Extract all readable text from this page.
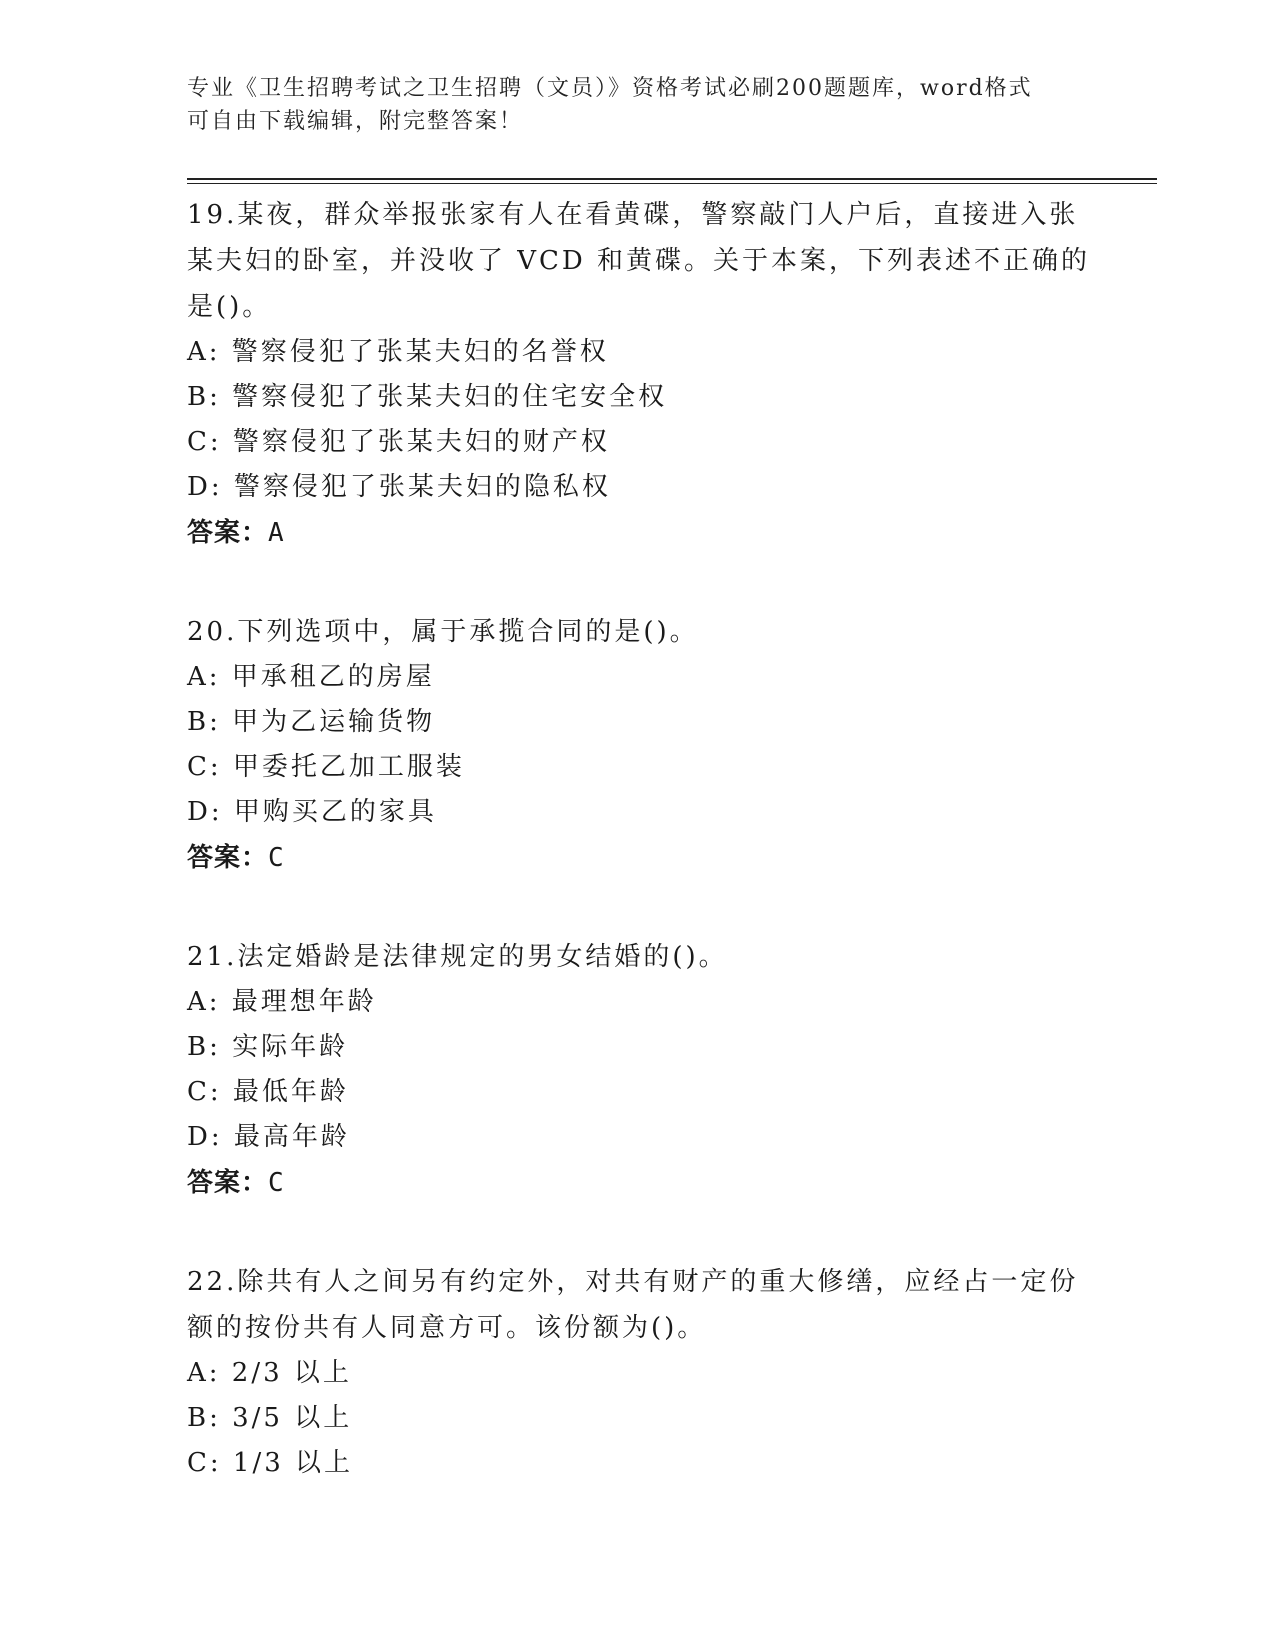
专业《卫生招聘考试之卫生招聘（文员）》资格考试必刷200题题库，word格式
可自由下载编辑，附完整答案！
19.某夜，群众举报张家有人在看黄碟，警察敲门人户后，直接进入张
某夫妇的卧室，并没收了 VCD 和黄碟。关于本案，下列表述不正确的
是()。
A: 警察侵犯了张某夫妇的名誉权
B: 警察侵犯了张某夫妇的住宅安全权
C: 警察侵犯了张某夫妇的财产权
D: 警察侵犯了张某夫妇的隐私权
答案：A
20.下列选项中，属于承揽合同的是()。
A: 甲承租乙的房屋
B: 甲为乙运输货物
C: 甲委托乙加工服装
D: 甲购买乙的家具
答案：C
21.法定婚龄是法律规定的男女结婚的()。
A: 最理想年龄
B: 实际年龄
C: 最低年龄
D: 最高年龄
答案：C
22.除共有人之间另有约定外，对共有财产的重大修缮，应经占一定份
额的按份共有人同意方可。该份额为()。
A: 2/3 以上
B: 3/5 以上
C: 1/3 以上
